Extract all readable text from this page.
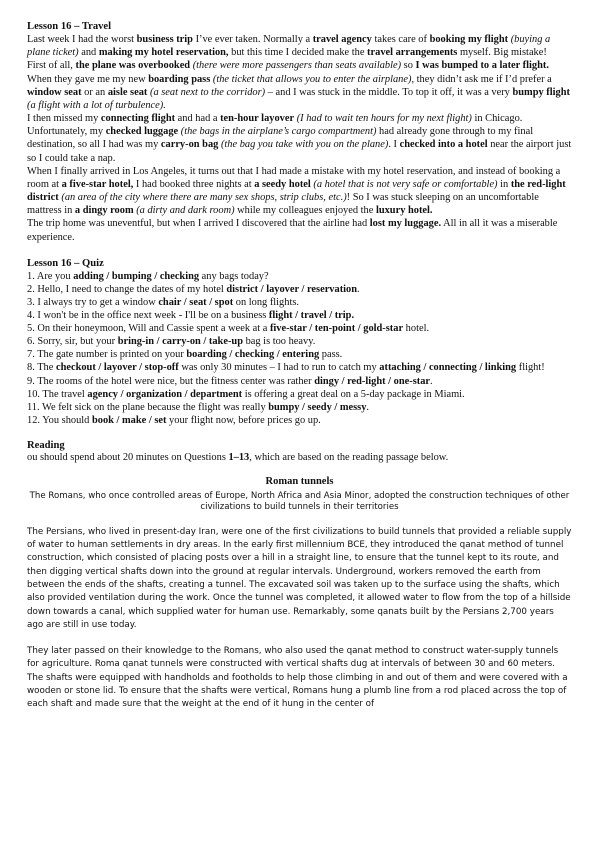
Lesson 16 – Travel

Last week I had the worst business trip I’ve ever taken. Normally a travel agency takes care of booking my flight (buying a plane ticket) and making my hotel reservation, but this time I decided make the travel arrangements myself. Big mistake!

First of all, the plane was overbooked (there were more passengers than seats available) so I was bumped to a later flight. When they gave me my new boarding pass (the ticket that allows you to enter the airplane), they didn’t ask me if I’d prefer a window seat or an aisle seat (a seat next to the corridor) – and I was stuck in the middle. To top it off, it was a very bumpy flight (a flight with a lot of turbulence).

I then missed my connecting flight and had a ten-hour layover (I had to wait ten hours for my next flight) in Chicago. Unfortunately, my checked luggage (the bags in the airplane’s cargo compartment) had already gone through to my final destination, so all I had was my carry-on bag (the bag you take with you on the plane). I checked into a hotel near the airport just so I could take a nap.

When I finally arrived in Los Angeles, it turns out that I had made a mistake with my hotel reservation, and instead of booking a room at a five-star hotel, I had booked three nights at a seedy hotel (a hotel that is not very safe or comfortable) in the red-light district (an area of the city where there are many sex shops, strip clubs, etc.)! So I was stuck sleeping on an uncomfortable mattress in a dingy room (a dirty and dark room) while my colleagues enjoyed the luxury hotel.

The trip home was uneventful, but when I arrived I discovered that the airline had lost my luggage. All in all it was a miserable experience.

Lesson 16 – Quiz

1. Are you adding / bumping / checking any bags today?

2. Hello, I need to change the dates of my hotel district / layover / reservation.

3. I always try to get a window chair / seat / spot on long flights.

4. I won't be in the office next week - I'll be on a business flight / travel / trip.

5. On their honeymoon, Will and Cassie spent a week at a five-star / ten-point / gold-star hotel.

6. Sorry, sir, but your bring-in / carry-on / take-up bag is too heavy.

7. The gate number is printed on your boarding / checking / entering pass.

8. The checkout / layover / stop-off was only 30 minutes – I had to run to catch my attaching / connecting / linking flight!

9. The rooms of the hotel were nice, but the fitness center was rather dingy / red-light / one-star.

10. The travel agency / organization / department is offering a great deal on a 5-day package in Miami.

11. We felt sick on the plane because the flight was really bumpy / seedy / messy.

12. You should book / make / set your flight now, before prices go up.

Reading

ou should spend about 20 minutes on Questions 1–13, which are based on the reading passage below.

Roman tunnels

The Romans, who once controlled areas of Europe, North Africa and Asia Minor, adopted the construction techniques of other civilizations to build tunnels in their territories

The Persians, who lived in present-day Iran, were one of the first civilizations to build tunnels that provided a reliable supply of water to human settlements in dry areas. In the early first millennium BCE, they introduced the qanat method of tunnel construction, which consisted of placing posts over a hill in a straight line, to ensure that the tunnel kept to its route, and then digging vertical shafts down into the ground at regular intervals. Underground, workers removed the earth from between the ends of the shafts, creating a tunnel. The excavated soil was taken up to the surface using the shafts, which also provided ventilation during the work. Once the tunnel was completed, it allowed water to flow from the top of a hillside down towards a canal, which supplied water for human use. Remarkably, some qanats built by the Persians 2,700 years ago are still in use today.

They later passed on their knowledge to the Romans, who also used the qanat method to construct water-supply tunnels for agriculture. Roma qanat tunnels were constructed with vertical shafts dug at intervals of between 30 and 60 meters. The shafts were equipped with handholds and footholds to help those climbing in and out of them and were covered with a wooden or stone lid. To ensure that the shafts were vertical, Romans hung a plumb line from a rod placed across the top of each shaft and made sure that the weight at the end of it hung in the center of
